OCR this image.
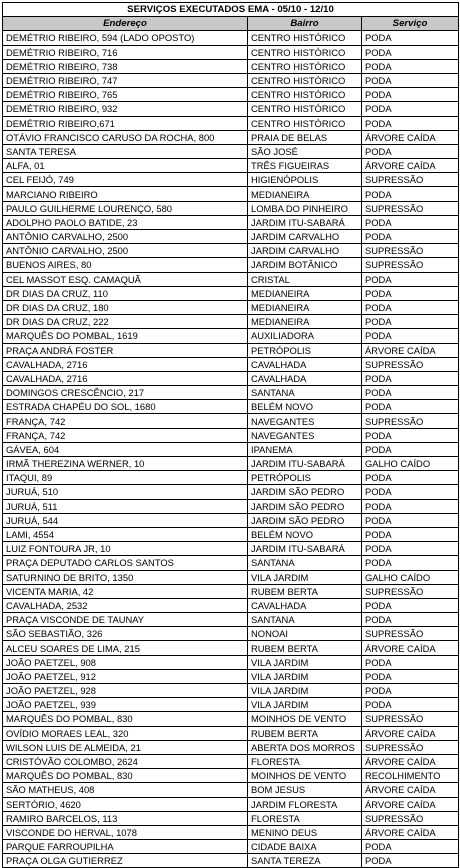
SERVIÇOS EXECUTADOS EMA - 05/10 - 12/10		
Endereço	Bairro	Serviço
DEMÉTRIO RIBEIRO, 594 (LADO OPOSTO)	CENTRO HISTÓRICO	PODA
DEMÉTRIO RIBEIRO, 716	CENTRO HISTÓRICO	PODA
DEMÉTRIO RIBEIRO, 738	CENTRO HISTÓRICO	PODA
DEMÉTRIO RIBEIRO, 747	CENTRO HISTÓRICO	PODA
DEMÉTRIO RIBEIRO, 765	CENTRO HISTÓRICO	PODA
DEMÉTRIO RIBEIRO, 932	CENTRO HISTÓRICO	PODA
DEMÉTRIO RIBEIRO,671	CENTRO HISTÓRICO	PODA
OTÁVIO FRANCISCO CARUSO DA ROCHA, 800	PRAIA DE BELAS	ÁRVORE CAÍDA
SANTA TERESA	SÃO JOSÉ	PODA
ALFA, 01	TRÊS FIGUEIRAS	ÁRVORE CAÍDA
CEL FEIJÓ, 749	HIGIENÓPOLIS	SUPRESSÃO
MARCIANO RIBEIRO	MEDIANEIRA	PODA
PAULO GUILHERME LOURENÇO, 580	LOMBA DO PINHEIRO	SUPRESSÃO
ADOLPHO PAOLO BATIDE, 23	JARDIM ITU-SABARÁ	PODA
ANTÔNIO CARVALHO, 2500	JARDIM CARVALHO	PODA
ANTÔNIO CARVALHO, 2500	JARDIM CARVALHO	SUPRESSÃO
BUENOS AIRES, 80	JARDIM BOTÂNICO	SUPRESSÃO
CEL MASSOT ESQ. CAMAQUÃ	CRISTAL	PODA
DR DIAS DA CRUZ, 110	MEDIANEIRA	PODA
DR DIAS DA CRUZ, 180	MEDIANEIRA	PODA
DR DIAS DA CRUZ, 222	MEDIANEIRA	PODA
MARQUÊS DO POMBAL, 1619	AUXILIADORA	PODA
PRAÇA ANDRÁ FOSTER	PETRÓPOLIS	ÁRVORE CAÍDA
CAVALHADA, 2716	CAVALHADA	SUPRESSÃO
CAVALHADA, 2716	CAVALHADA	PODA
DOMINGOS CRESCÊNCIO, 217	SANTANA	PODA
ESTRADA CHAPÉU DO SOL, 1680	BELÉM NOVO	PODA
FRANÇA, 742	NAVEGANTES	SUPRESSÃO
FRANÇA, 742	NAVEGANTES	PODA
GÁVEA, 604	IPANEMA	PODA
IRMÃ THEREZINA WERNER, 10	JARDIM ITU-SABARÁ	GALHO CAÍDO
ITAQUI, 89	PETRÓPOLIS	PODA
JURUÁ, 510	JARDIM SÃO PEDRO	PODA
JURUÁ, 511	JARDIM SÃO PEDRO	PODA
JURUÁ, 544	JARDIM SÃO PEDRO	PODA
LAMI, 4554	BELÉM NOVO	PODA
LUIZ FONTOURA JR, 10	JARDIM ITU-SABARÁ	PODA
PRAÇA DEPUTADO CARLOS SANTOS	SANTANA	PODA
SATURNINO DE BRITO, 1350	VILA JARDIM	GALHO CAÍDO
VICENTA MARIA, 42	RUBEM BERTA	SUPRESSÃO
CAVALHADA, 2532	CAVALHADA	PODA
PRAÇA VISCONDE DE TAUNAY	SANTANA	PODA
SÃO SEBASTIÃO, 326	NONOAI	SUPRESSÃO
ALCEU SOARES DE LIMA, 215	RUBEM BERTA	ÁRVORE CAÍDA
JOÃO PAETZEL, 908	VILA JARDIM	PODA
JOÃO PAETZEL, 912	VILA JARDIM	PODA
JOÃO PAETZEL, 928	VILA JARDIM	PODA
JOÃO PAETZEL, 939	VILA JARDIM	PODA
MARQUÊS DO POMBAL, 830	MOINHOS DE VENTO	SUPRESSÃO
OVÍDIO MORAES LEAL, 320	RUBEM BERTA	ÁRVORE CAÍDA
WILSON LUIS DE ALMEIDA, 21	ABERTA DOS MORROS	SUPRESSÃO
CRISTÓVÃO COLOMBO, 2624	FLORESTA	ÁRVORE CAÍDA
MARQUÊS DO POMBAL, 830	MOINHOS DE VENTO	RECOLHIMENTO
SÃO MATHEUS, 408	BOM JESUS	ÁRVORE CAÍDA
SERTÓRIO, 4620	JARDIM FLORESTA	ÁRVORE CAÍDA
RAMIRO BARCELOS, 113	FLORESTA	SUPRESSÃO
VISCONDE DO HERVAL, 1078	MENINO DEUS	ÁRVORE CAÍDA
PARQUE FARROUPILHA	CIDADE BAIXA	PODA
PRAÇA OLGA GUTIERREZ	SANTA TEREZA	PODA
